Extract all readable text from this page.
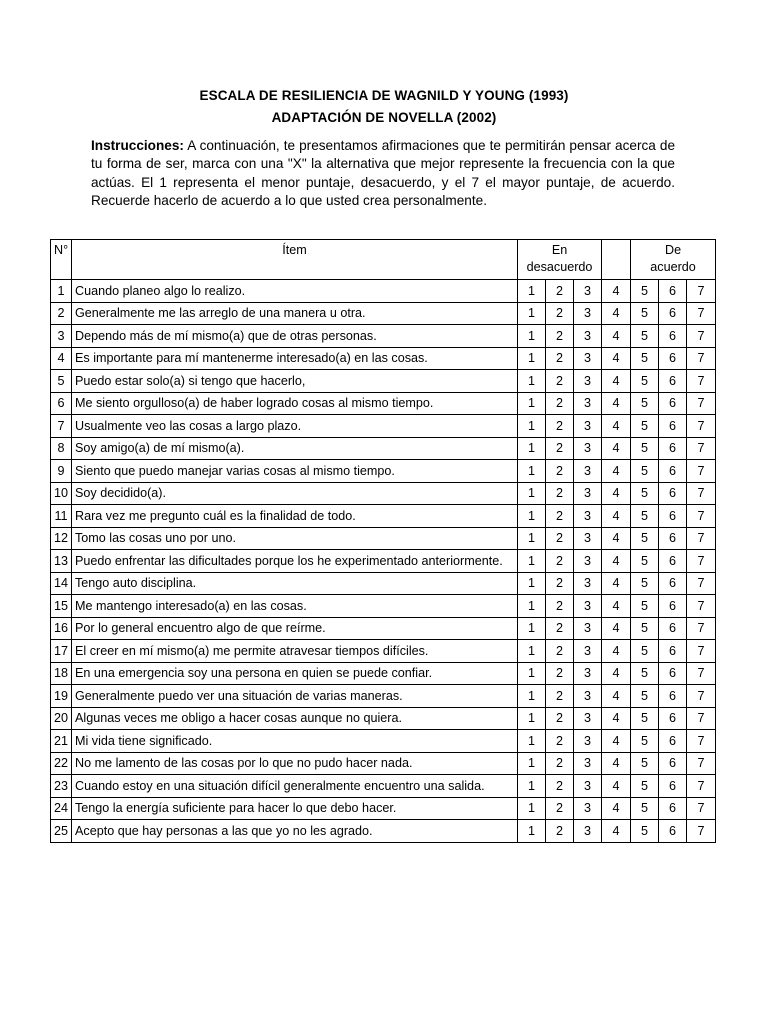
ESCALA DE RESILIENCIA DE WAGNILD Y YOUNG (1993)
ADAPTACIÓN DE NOVELLA (2002)
Instrucciones: A continuación, te presentamos afirmaciones que te permitirán pensar acerca de tu forma de ser, marca con una "X" la alternativa que mejor represente la frecuencia con la que actúas. El 1 representa el menor puntaje, desacuerdo, y el 7 el mayor puntaje, de acuerdo. Recuerde hacerlo de acuerdo a lo que usted crea personalmente.
N°	Ítem	En
desacuerdo				De
acuerdo		
1	Cuando planeo algo lo realizo.	1	2	3	4	5	6	7
2	Generalmente me las arreglo de una manera u otra.	1	2	3	4	5	6	7
3	Dependo más de mí mismo(a) que de otras personas.	1	2	3	4	5	6	7
4	Es importante para mí mantenerme interesado(a) en las cosas.	1	2	3	4	5	6	7
5	Puedo estar solo(a) si tengo que hacerlo,	1	2	3	4	5	6	7
6	Me siento orgulloso(a) de haber logrado cosas al mismo tiempo.	1	2	3	4	5	6	7
7	Usualmente veo las cosas a largo plazo.	1	2	3	4	5	6	7
8	Soy amigo(a) de mí mismo(a).	1	2	3	4	5	6	7
9	Siento que puedo manejar varias cosas al mismo tiempo.	1	2	3	4	5	6	7
10	Soy decidido(a).	1	2	3	4	5	6	7
11	Rara vez me pregunto cuál es la finalidad de todo.	1	2	3	4	5	6	7
12	Tomo las cosas uno por uno.	1	2	3	4	5	6	7
13	Puedo enfrentar las dificultades porque los he experimentado anteriormente.	1	2	3	4	5	6	7
14	Tengo auto disciplina.	1	2	3	4	5	6	7
15	Me mantengo interesado(a) en las cosas.	1	2	3	4	5	6	7
16	Por lo general encuentro algo de que reírme.	1	2	3	4	5	6	7
17	El creer en mí mismo(a) me permite atravesar tiempos difíciles.	1	2	3	4	5	6	7
18	En una emergencia soy una persona en quien se puede confiar.	1	2	3	4	5	6	7
19	Generalmente puedo ver una situación de varias maneras.	1	2	3	4	5	6	7
20	Algunas veces me obligo a hacer cosas aunque no quiera.	1	2	3	4	5	6	7
21	Mi vida tiene significado.	1	2	3	4	5	6	7
22	No me lamento de las cosas por lo que no pudo hacer nada.	1	2	3	4	5	6	7
23	Cuando estoy en una situación difícil generalmente encuentro una salida.	1	2	3	4	5	6	7
24	Tengo la energía suficiente para hacer lo que debo hacer.	1	2	3	4	5	6	7
25	Acepto que hay personas a las que yo no les agrado.	1	2	3	4	5	6	7
